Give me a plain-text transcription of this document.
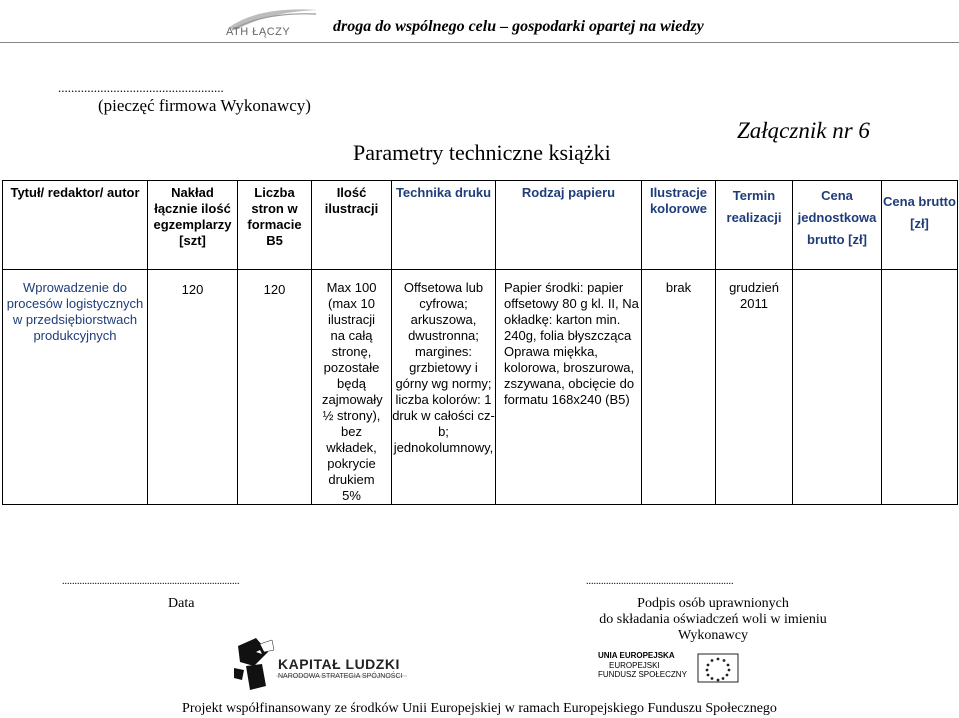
ATH ŁĄCZY	droga do wspólnego celu – gospodarki opartej na wiedzy
...................................................
(pieczęć firmowa Wykonawcy)
Załącznik nr 6
Parametry techniczne książki
Tytuł/ redaktor/ autor	Nakład łącznie ilość egzemplarzy [szt]	Liczba stron w formacie B5	Ilość ilustracji	Technika druku	Rodzaj papieru	Ilustracje kolorowe	Termin realizacji	Cena jednostkowa brutto [zł]	Cena brutto [zł]

Wprowadzenie do procesów logistycznych w przedsiębiorstwach produkcyjnych	120	120	Max 100 (max 10 ilustracji na całą stronę, pozostałe będą zajmowały ½ strony), bez wkładek, pokrycie drukiem 5%	Offsetowa lub cyfrowa; arkuszowa, dwustronna; margines: grzbietowy i górny wg normy; liczba kolorów: 1 druk w całości cz-b; jednokolumnowy,	Papier środki: papier offsetowy 80 g kl. II, Na okładkę: karton min. 240g, folia błyszcząca Oprawa miękka, kolorowa, broszurowa, zszywana, obcięcie do formatu 168x240 (B5)	brak	grudzień 2011		

.......................................................................	...........................................................
Data	Podpis osób uprawnionych
do składania oświadczeń woli w imieniu Wykonawcy
KAPITAŁ LUDZKI
NARODOWA STRATEGIA SPÓJNOŚCI
UNIA EUROPEJSKA
EUROPEJSKI
FUNDUSZ SPOŁECZNY
Projekt współfinansowany ze środków Unii Europejskiej w ramach Europejskiego Funduszu Społecznego
